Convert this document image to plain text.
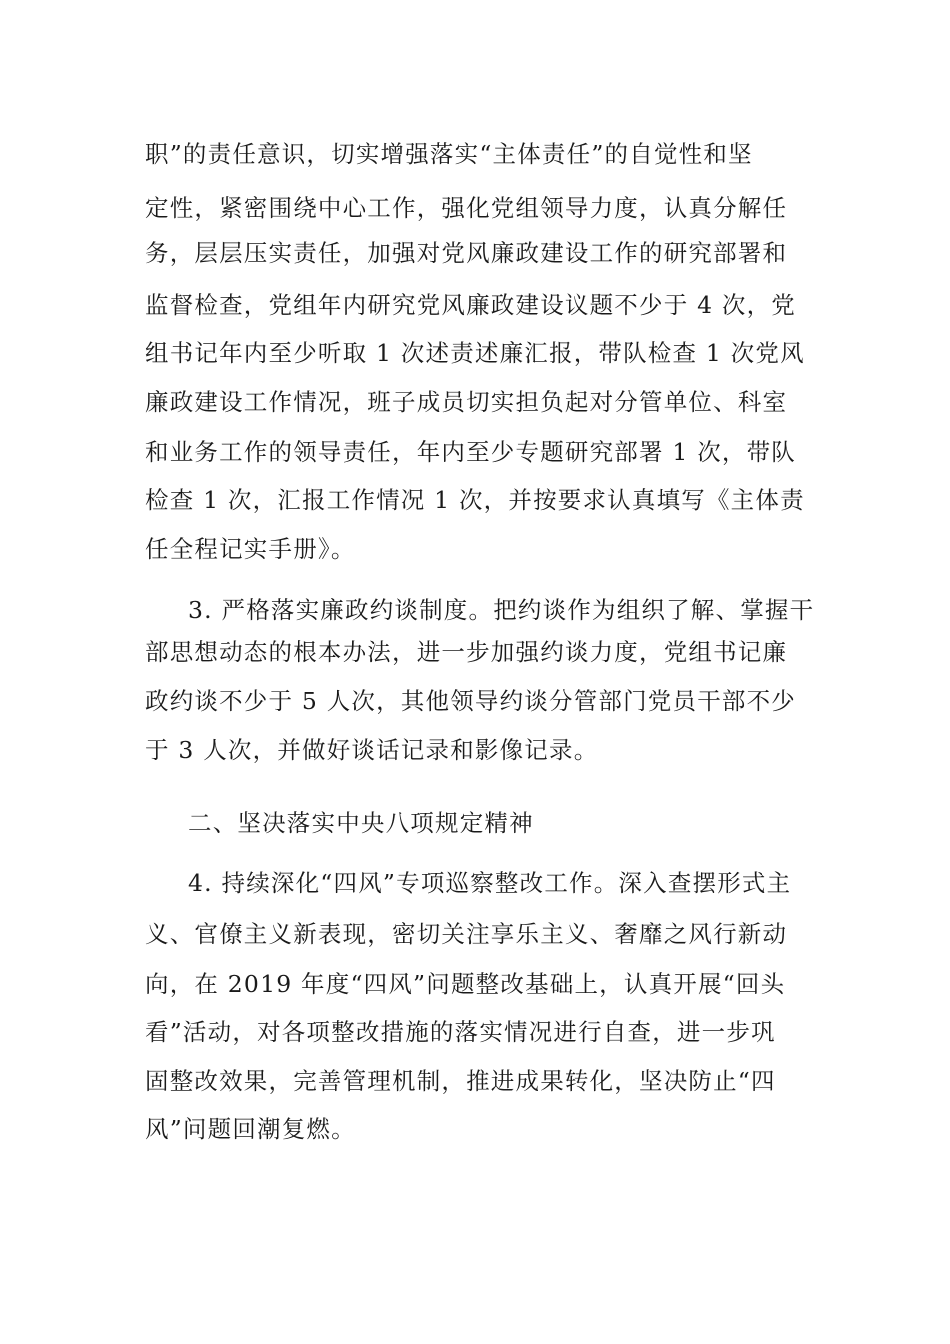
职”的责任意识，切实增强落实“主体责任”的自觉性和坚

定性，紧密围绕中心工作，强化党组领导力度，认真分解任

务，层层压实责任，加强对党风廉政建设工作的研究部署和

监督检查，党组年内研究党风廉政建设议题不少于 4 次，党

组书记年内至少听取 1 次述责述廉汇报，带队检查 1 次党风

廉政建设工作情况，班子成员切实担负起对分管单位、科室

和业务工作的领导责任，年内至少专题研究部署 1 次，带队

检查 1 次，汇报工作情况 1 次，并按要求认真填写《主体责

任全程记实手册》。

3. 严格落实廉政约谈制度。把约谈作为组织了解、掌握干

部思想动态的根本办法，进一步加强约谈力度，党组书记廉

政约谈不少于 5 人次，其他领导约谈分管部门党员干部不少

于 3 人次，并做好谈话记录和影像记录。

二、坚决落实中央八项规定精神

4. 持续深化“四风”专项巡察整改工作。深入查摆形式主

义、官僚主义新表现，密切关注享乐主义、奢靡之风行新动

向，在 2019 年度“四风”问题整改基础上，认真开展“回头

看”活动，对各项整改措施的落实情况进行自查，进一步巩

固整改效果，完善管理机制，推进成果转化，坚决防止“四

风”问题回潮复燃。
